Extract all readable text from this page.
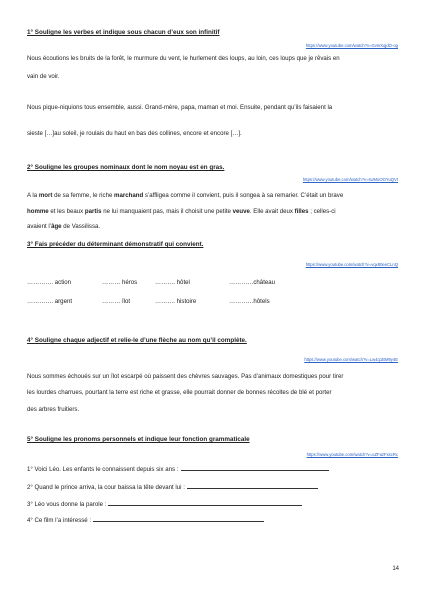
1° Souligne les verbes et indique sous chacun d’eux son infinitif
https://www.youtube.com/watch?v=GvmXqjdO-og
Nous écoutions les bruits de la forêt, le murmure du vent, le hurlement des loups, au loin, ces loups que je rêvais en
vain de voir.
Nous pique-niquions tous ensemble, aussi. Grand-mère, papa, maman et moi. Ensuite, pendant qu’ils faisaient la
sieste […]au soleil, je roulais du haut en bas des collines, encore et encore […].
2° Souligne les groupes nominaux dont le nom noyau est en gras.
https://www.youtube.com/watch?v=sUMoOOYuQVI
A la mort de sa femme, le riche marchand s’affligea comme il convient, puis il songea à sa remarier. C’était un brave
homme et les beaux partis ne lui manquaient pas, mais il choisit une petite veuve. Elle avait deux filles ; celles-ci
avaient l’âge de Vassilissa.
3° Fais précéder du déterminant démonstratif qui convient.
https://www.youtube.com/watch?v=vqx80eeCLnQ
…………. action	……… héros	………. hôtel	…………château
…………. argent	……… îlot	………. histoire	…………hôtels
4° Souligne chaque adjectif et relie-le d’une flèche au nom qu’il complète.
https://www.youtube.com/watch?v=Lw4q1BM9y4E
Nous sommes échoués sur un îlot escarpé où paissent des chèvres sauvages. Pas d’animaux domestiques pour tirer
les lourdes charrues, pourtant la terre est riche et grasse, elle pourrait donner de bonnes récoltes de blé et porter
des arbres fruitiers.
5° Souligne les pronoms personnels et indique leur fonction grammaticale
https://www.youtube.com/watch?v=oZFazFxscRc
1° Voici Léo. Les enfants le connaissent depuis six ans :
2° Quand le prince arriva, la cour baissa la tête devant lui :
3° Léo vous donne la parole :
4° Ce film l’a intéressé :
14
